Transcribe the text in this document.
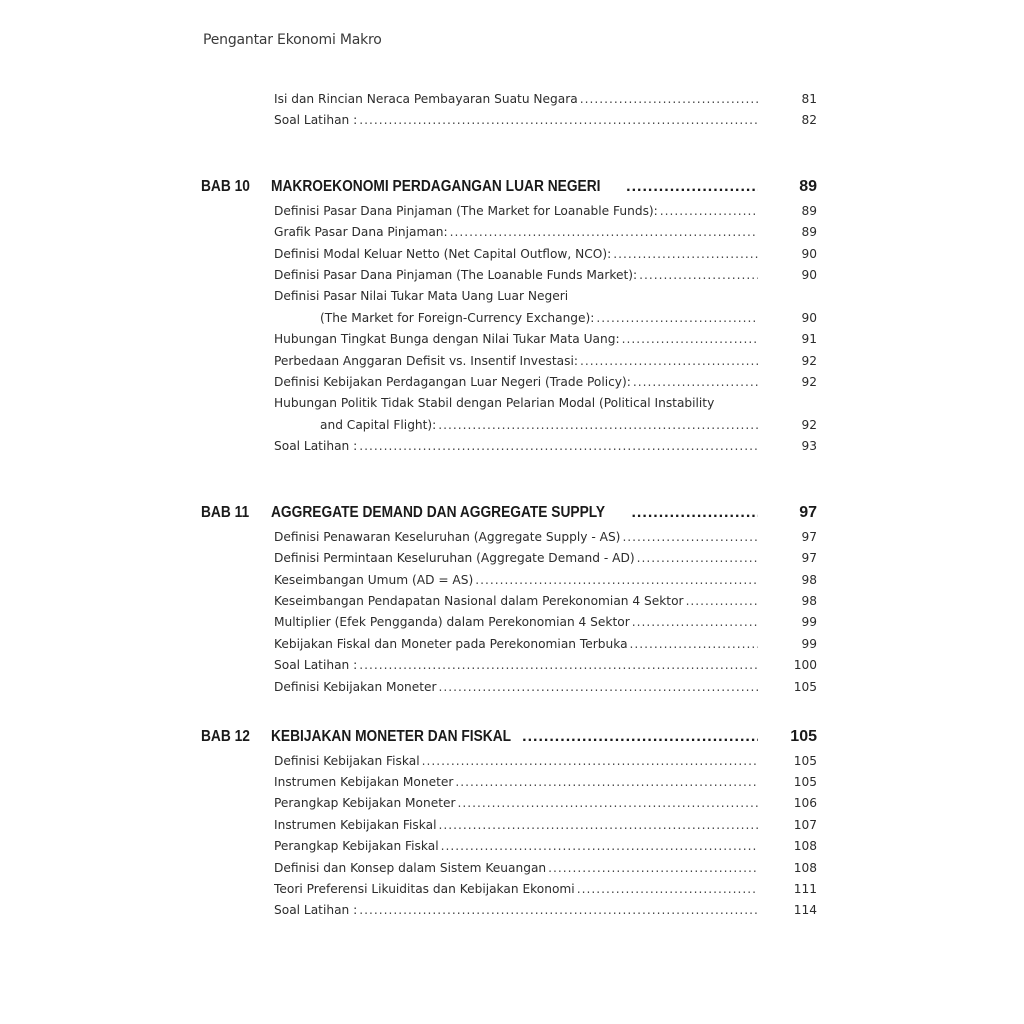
Pengantar Ekonomi Makro
Isi dan Rincian Neraca Pembayaran Suatu Negara .....	81
Soal Latihan : .....	82
BAB 10 MAKROEKONOMI PERDAGANGAN LUAR NEGERI .....	89
Definisi Pasar Dana Pinjaman (The Market for Loanable Funds): .....	89
Grafik Pasar Dana Pinjaman: .....	89
Definisi Modal Keluar Netto (Net Capital Outflow, NCO): .....	90
Definisi Pasar Dana Pinjaman (The Loanable Funds Market): .....	90
Definisi Pasar Nilai Tukar Mata Uang Luar Negeri
(The Market for Foreign-Currency Exchange): .....	90
Hubungan Tingkat Bunga dengan Nilai Tukar Mata Uang: .....	91
Perbedaan Anggaran Defisit vs. Insentif Investasi: .....	92
Definisi Kebijakan Perdagangan Luar Negeri (Trade Policy): .....	92
Hubungan Politik Tidak Stabil dengan Pelarian Modal (Political Instability
and Capital Flight): .....	92
Soal Latihan : .....	93
BAB 11 AGGREGATE DEMAND DAN AGGREGATE SUPPLY .....	97
Definisi Penawaran Keseluruhan (Aggregate Supply - AS) .....	97
Definisi Permintaan Keseluruhan (Aggregate Demand - AD) .....	97
Keseimbangan Umum (AD = AS) .....	98
Keseimbangan Pendapatan Nasional dalam Perekonomian 4 Sektor .....	98
Multiplier (Efek Pengganda) dalam Perekonomian 4 Sektor .....	99
Kebijakan Fiskal dan Moneter pada Perekonomian Terbuka .....	99
Soal Latihan : .....	100
Definisi Kebijakan Moneter .....	105
BAB 12 KEBIJAKAN MONETER DAN FISKAL .....	105
Definisi Kebijakan Fiskal .....	105
Instrumen Kebijakan Moneter .....	105
Perangkap Kebijakan Moneter .....	106
Instrumen Kebijakan Fiskal .....	107
Perangkap Kebijakan Fiskal .....	108
Definisi dan Konsep dalam Sistem Keuangan .....	108
Teori Preferensi Likuiditas dan Kebijakan Ekonomi .....	111
Soal Latihan : .....	114
